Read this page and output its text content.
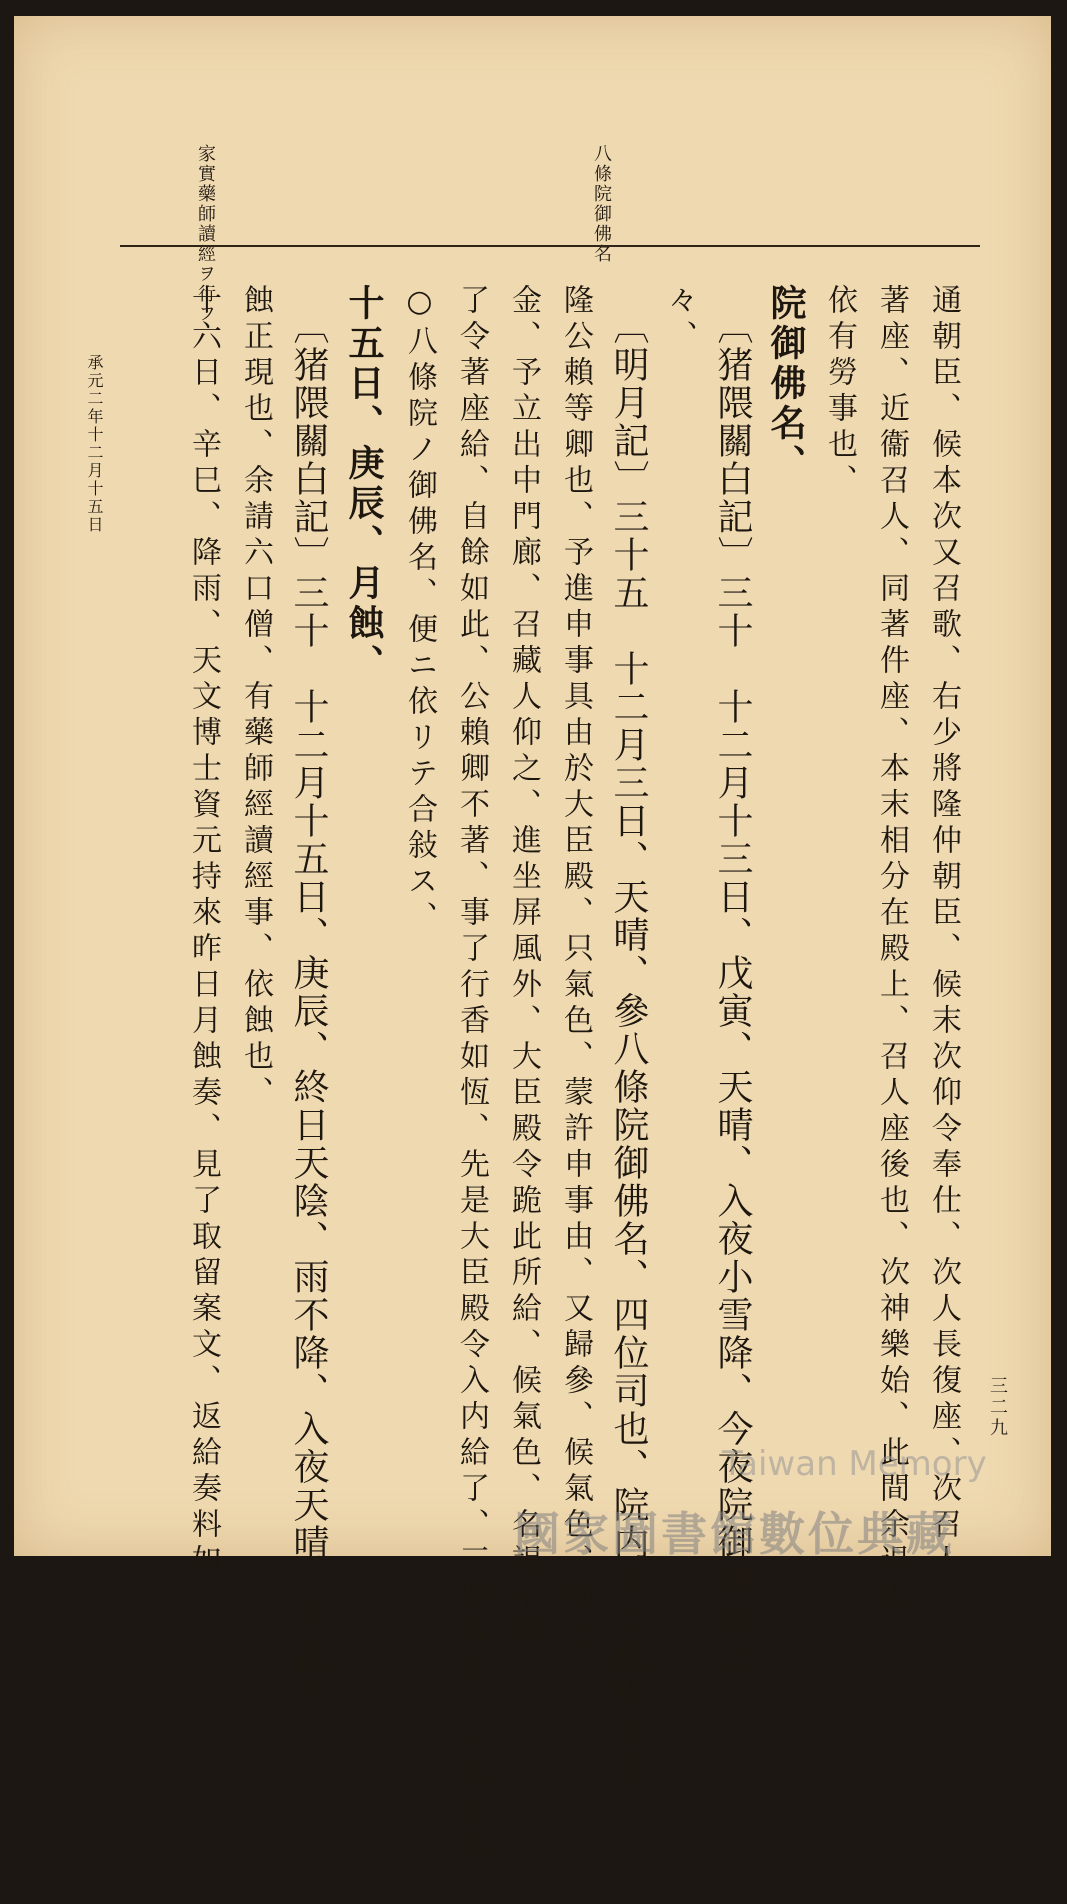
家實藥師讀經ヲ行フ	八條院御佛名
通朝臣、候本次又召歌、右少將隆仲朝臣、候末次仰令奉仕、次人長復座、次召人
著座、近衞召人、同著件座、本末相分在殿上、召人座後也、次神樂始、此間余退出、
依有勞事也、
院御佛名、
〔猪隈關白記〕三十　十二月十三日、戊寅、天晴、入夜小雪降、今夜院御佛名云
々、
〔明月記〕三十五　十二月三日、天晴、參八條院御佛名、四位司也、院内大臣殿別當雅
隆公賴等卿也、予進申事具由於大臣殿、只氣色、蒙許申事由、又歸參、候氣色、仰云、
金、予立出中門廊、召藏人仰之、進坐屏風外、大臣殿令跪此所給、候氣色、名謁不開、
了令著座給、自餘如此、公賴卿不著、事了行香如恆、先是大臣殿令入内給了、三卿取祿、予問名謁、
○八條院ノ御佛名、便ニ依リテ合敍ス、
十五日、庚辰、月蝕、
〔猪隈關白記〕三十　十二月十五日、庚辰、終日天陰、雨不降、入夜天晴、今夜月
蝕正現也、余請六口僧、有藥師經讀經事、依蝕也、
十六日、辛巳、降雨、天文博士資元持來昨日月蝕奏、見了取留案文、返給奏料如
承元二年十二月十五日
三二九
Taiwan Memory
國家圖書館數位典藏
